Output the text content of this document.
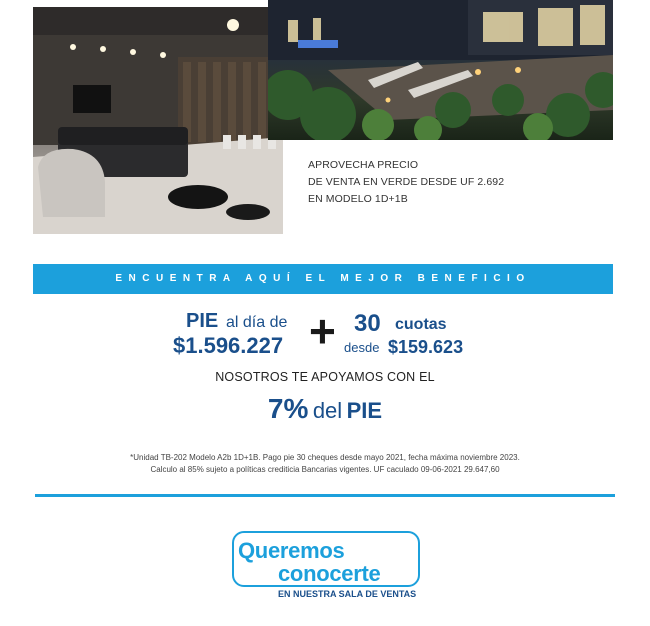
APROVECHA PRECIO
DE VENTA EN VERDE DESDE UF 2.692
EN MODELO 1D+1B
ENCUENTRA AQUÍ EL MEJOR BENEFICIO
PIE al día de
$1.596.227 + 30 cuotas
desde $159.623
NOSOTROS TE APOYAMOS CON EL
7% del PIE
*Unidad TB-202 Modelo A2b 1D+1B. Pago pie 30 cheques desde mayo 2021, fecha máxima noviembre 2023.
Calculo al 85% sujeto a políticas crediticia Bancarias vigentes. UF caculado 09-06-2021 29.647,60
Queremos
conocerte
EN NUESTRA SALA DE VENTAS
